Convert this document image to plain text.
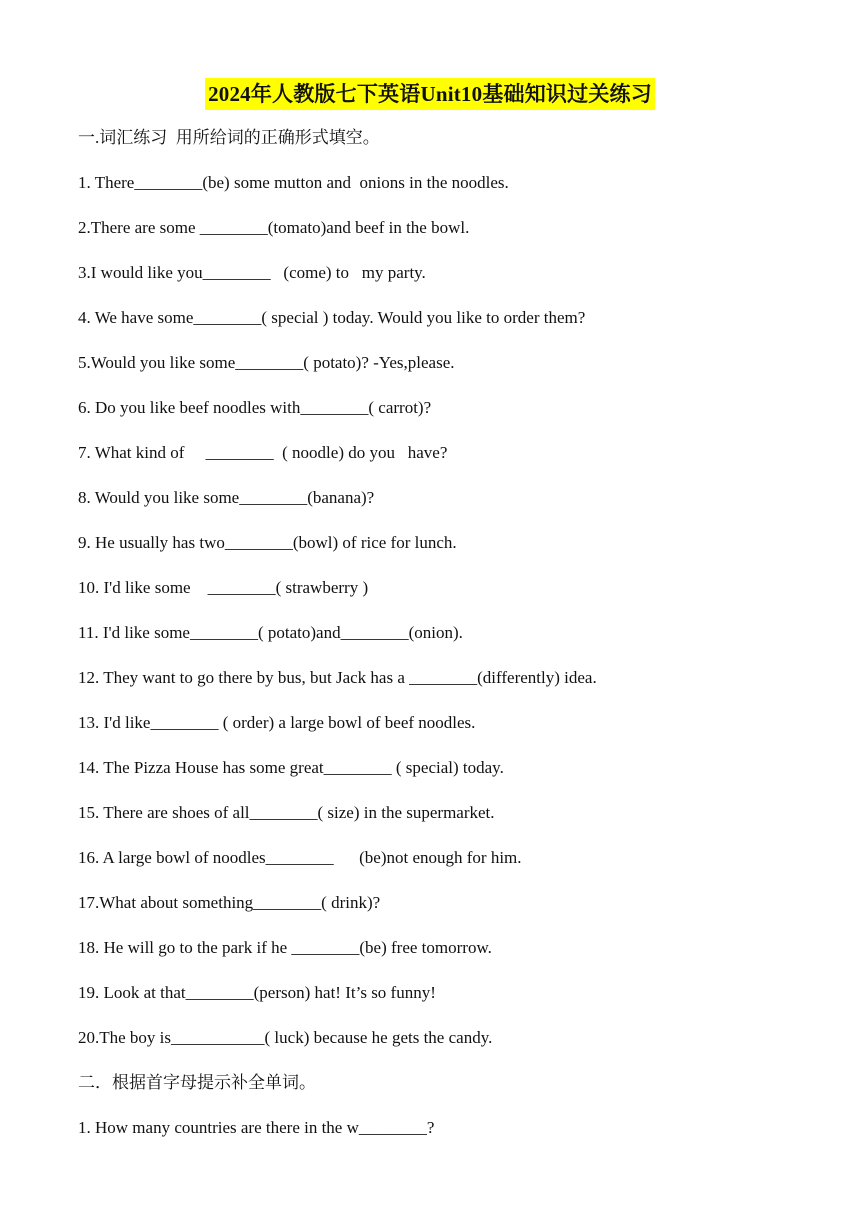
2024年人教版七下英语Unit10基础知识过关练习
一.词汇练习  用所给词的正确形式填空。
1. There________(be) some mutton and  onions in the noodles.
2.There are some ________(tomato)and beef in the bowl.
3.I would like you________   (come) to   my party.
4. We have some________( special ) today. Would you like to order them?
5.Would you like some________( potato)? -Yes,please.
6. Do you like beef noodles with________( carrot)?
7. What kind of     ________  ( noodle) do you   have?
8. Would you like some________(banana)?
9. He usually has two________(bowl) of rice for lunch.
10. I'd like some    ________( strawberry )
11. I'd like some________( potato)and________(onion).
12. They want to go there by bus, but Jack has a ________(differently) idea.
13. I'd like________ ( order) a large bowl of beef noodles.
14. The Pizza House has some great________ ( special) today.
15. There are shoes of all________( size) in the supermarket.
16. A large bowl of noodles________      (be)not enough for him.
17.What about something________( drink)?
18. He will go to the park if he ________(be) free tomorrow.
19. Look at that________(person) hat! It’s so funny!
20.The boy is___________( luck) because he gets the candy.
二．根据首字母提示补全单词。
1. How many countries are there in the w________?
